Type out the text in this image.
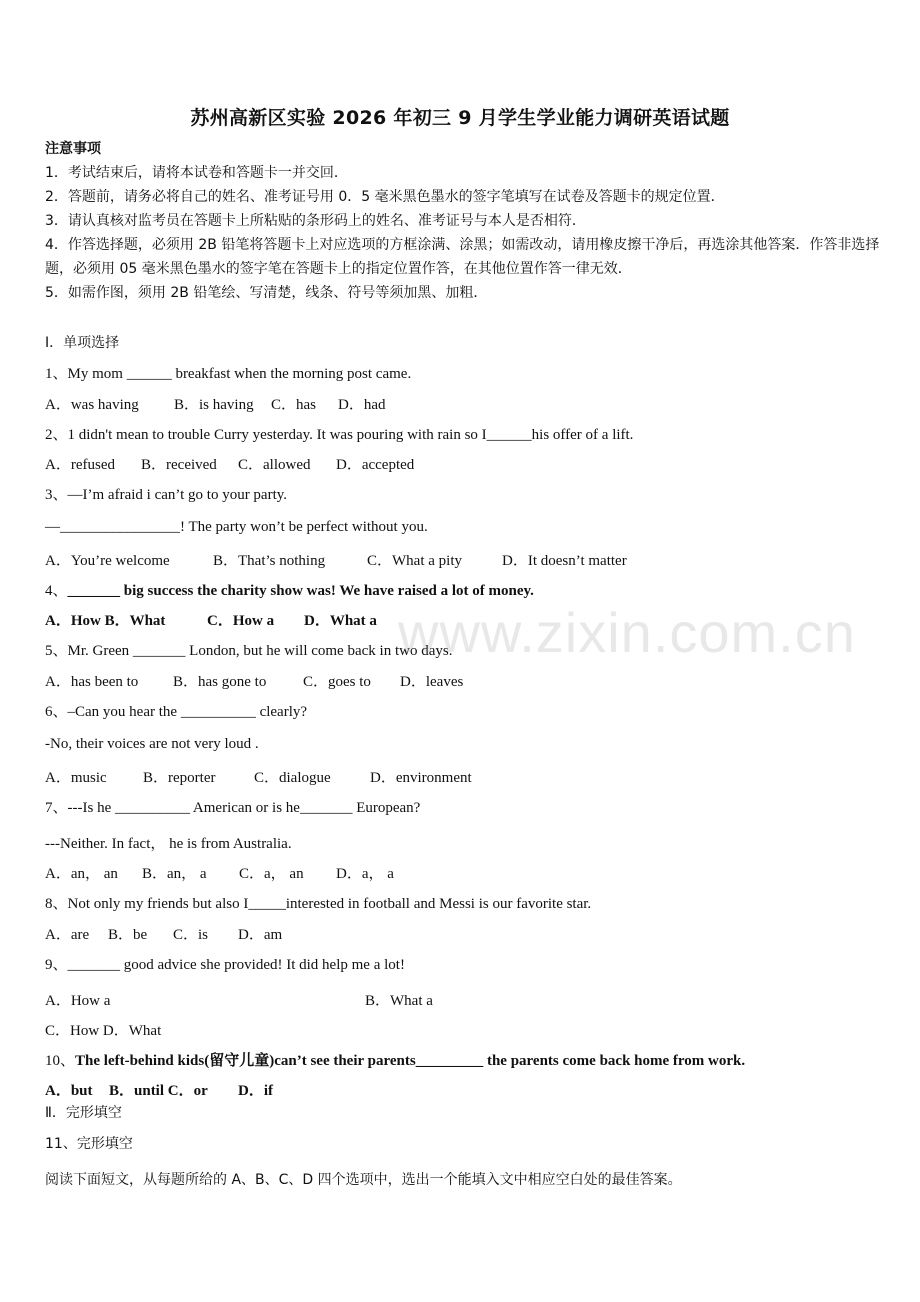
苏州高新区实验 2026 年初三 9 月学生学业能力调研英语试题
注意事项
1．考试结束后，请将本试卷和答题卡一并交回．
2．答题前，请务必将自己的姓名、准考证号用 0．5 毫米黑色墨水的签字笔填写在试卷及答题卡的规定位置．
3．请认真核对监考员在答题卡上所粘贴的条形码上的姓名、准考证号与本人是否相符．
4．作答选择题，必须用 2B 铅笔将答题卡上对应选项的方框涂满、涂黑；如需改动，请用橡皮擦干净后，再选涂其他答案．作答非选择题，必须用 05 毫米黑色墨水的签字笔在答题卡上的指定位置作答，在其他位置作答一律无效．
5．如需作图，须用 2B 铅笔绘、写清楚，线条、符号等须加黑、加粗．
Ⅰ．单项选择
1、My mom ______ breakfast when the morning post came.
A．was having B．is having C．has D．had
2、1 didn't mean to trouble Curry yesterday. It was pouring with rain so I______his offer of a lift.
A．refused B．received C．allowed D．accepted
3、—I’m afraid i can’t go to your party.
—________________! The party won’t be perfect without you.
A．You’re welcome	B．That’s nothing	C．What a pity	D．It doesn’t matter
4、_______ big success the charity show was! We have raised a lot of money.
A．How B．What	C．How a D．What a
5、Mr. Green _______ London, but he will come back in two days.
A．has been to B．has gone to C．goes to D．leaves
6、–Can you hear the __________ clearly?
-No, their voices are not very loud .
A．music B．reporter	C．dialogue	D．environment
7、---Is he __________ American or is he_______ European?
---Neither. In fact， he is from Australia.
A．an， an B．an， a C．a， an D．a， a
8、Not only my friends but also I_____interested in football and Messi is our favorite star.
A．are B．be C．is D．am
9、_______ good advice she provided! It did help me a lot!
A．How a	B．What a
C．How D．What
10、The left-behind kids(留守儿童)can’t see their parents_________ the parents come back home from work.
A．but B．until C．or D．if
Ⅱ．完形填空
11、完形填空
阅读下面短文，从每题所给的 A、B、C、D 四个选项中，选出一个能填入文中相应空白处的最佳答案。
www.zixin.com.cn
